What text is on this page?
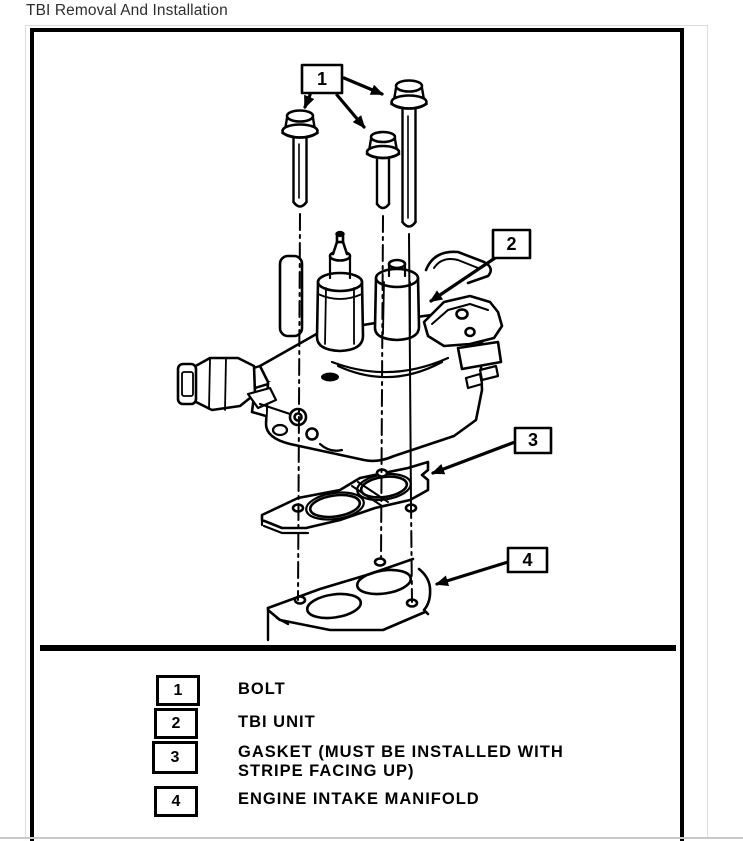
TBI Removal And Installation
1
2
3
4
1	BOLT
2	TBI UNIT
3	GASKET (MUST BE INSTALLED WITH STRIPE FACING UP)
4	ENGINE INTAKE MANIFOLD
